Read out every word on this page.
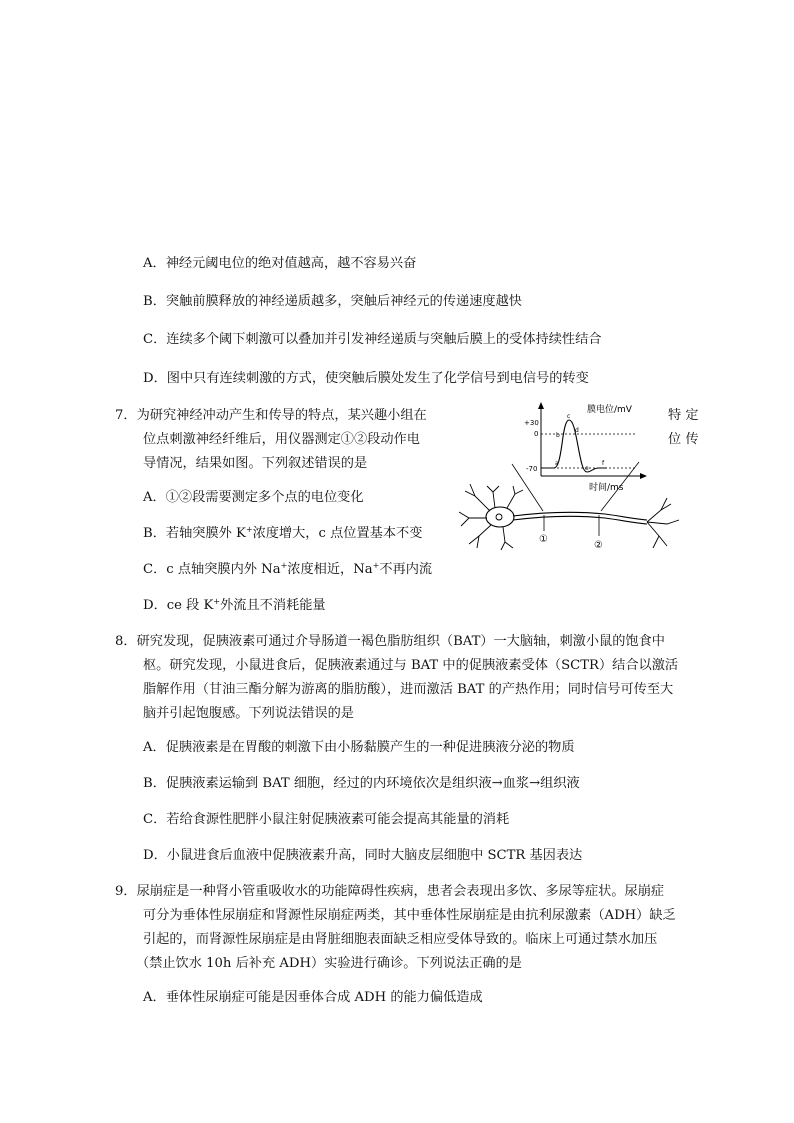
A．神经元阈电位的绝对值越高，越不容易兴奋
B．突触前膜释放的神经递质越多，突触后神经元的传递速度越快
C．连续多个阈下刺激可以叠加并引发神经递质与突触后膜上的受体持续性结合
D．图中只有连续刺激的方式，使突触后膜处发生了化学信号到电信号的转变
7．为研究神经冲动产生和传导的特点，某兴趣小组在	特 定
位点刺激神经纤维后，用仪器测定①②段动作电	位 传
导情况，结果如图。下列叙述错误的是
A．①②段需要测定多个点的电位变化
B．若轴突膜外 K+浓度增大，c 点位置基本不变
C．c 点轴突膜内外 Na+浓度相近，Na+不再内流
D．ce 段 K+外流且不消耗能量
膜电位/mV
时间/ms
+30
0
-70
a
b
c
d
e
f
①
②
8．研究发现，促胰液素可通过介导肠道一褐色脂肪组织（BAT）一大脑轴，刺激小鼠的饱食中
枢。研究发现，小鼠进食后，促胰液素通过与 BAT 中的促胰液素受体（SCTR）结合以激活
脂解作用（甘油三酯分解为游离的脂肪酸），进而激活 BAT 的产热作用；同时信号可传至大
脑并引起饱腹感。下列说法错误的是
A．促胰液素是在胃酸的刺激下由小肠黏膜产生的一种促进胰液分泌的物质
B．促胰液素运输到 BAT 细胞，经过的内环境依次是组织液→血浆→组织液
C．若给食源性肥胖小鼠注射促胰液素可能会提高其能量的消耗
D．小鼠进食后血液中促胰液素升高，同时大脑皮层细胞中 SCTR 基因表达
9．尿崩症是一种肾小管重吸收水的功能障碍性疾病，患者会表现出多饮、多尿等症状。尿崩症
可分为垂体性尿崩症和肾源性尿崩症两类，其中垂体性尿崩症是由抗利尿激素（ADH）缺乏
引起的，而肾源性尿崩症是由肾脏细胞表面缺乏相应受体导致的。临床上可通过禁水加压
（禁止饮水 10h 后补充 ADH）实验进行确诊。下列说法正确的是
A．垂体性尿崩症可能是因垂体合成 ADH 的能力偏低造成
